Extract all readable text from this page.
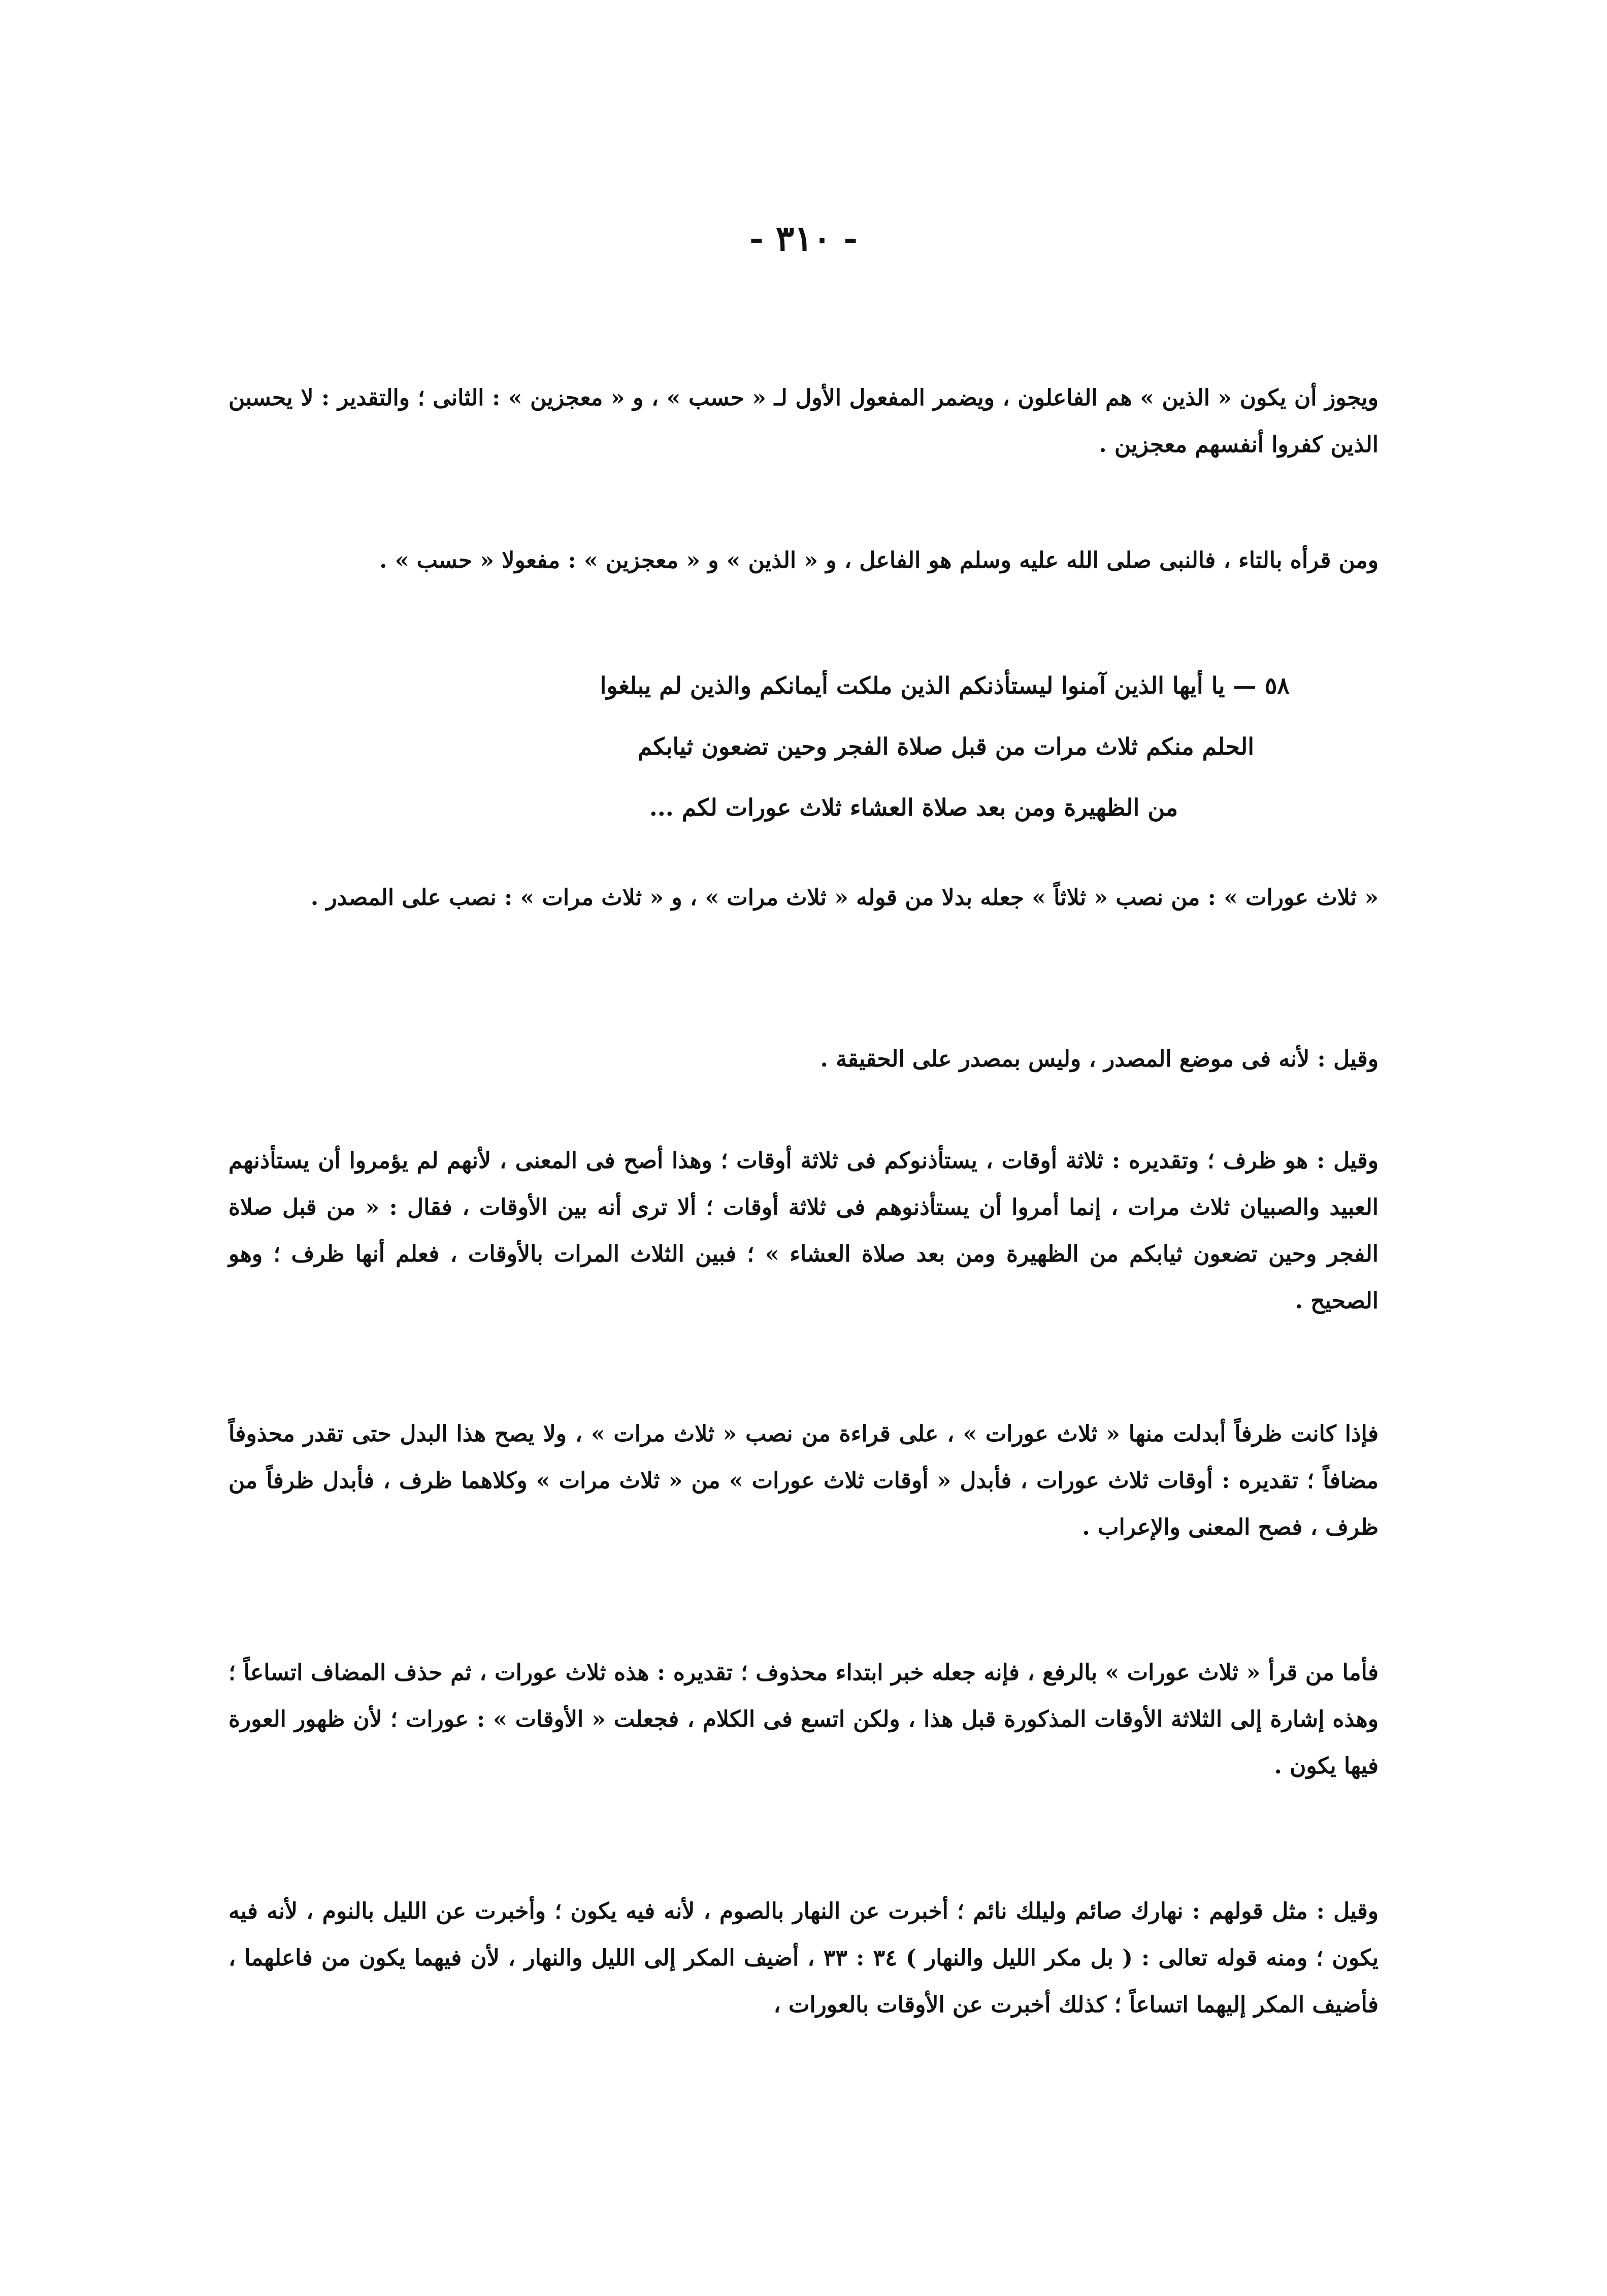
- ٣١٠ -
ويجوز أن يكون « الذين » هم الفاعلون ، ويضمر المفعول الأول لـ « حسب » ، و « معجزين » : الثانى ؛ والتقدير : لا يحسبن الذين كفروا أنفسهم معجزين .
ومن قرأه بالتاء ، فالنبى صلى الله عليه وسلم هو الفاعل ، و « الذين » و « معجزين » : مفعولا « حسب » .
٥٨ — يا أيها الذين آمنوا ليستأذنكم الذين ملكت أيمانكم والذين لم يبلغوا
الحلم منكم ثلاث مرات من قبل صلاة الفجر وحين تضعون ثيابكم
من الظهيرة ومن بعد صلاة العشاء ثلاث عورات لكم ...
« ثلاث عورات » : من نصب « ثلاثاً » جعله بدلا من قوله « ثلاث مرات » ، و « ثلاث مرات » : نصب على المصدر .
وقيل : لأنه فى موضع المصدر ، وليس بمصدر على الحقيقة .
وقيل : هو ظرف ؛ وتقديره : ثلاثة أوقات ، يستأذنوكم فى ثلاثة أوقات ؛ وهذا أصح فى المعنى ، لأنهم لم يؤمروا أن يستأذنهم العبيد والصبيان ثلاث مرات ، إنما أمروا أن يستأذنوهم فى ثلاثة أوقات ؛ ألا ترى أنه بين الأوقات ، فقال : « من قبل صلاة الفجر وحين تضعون ثيابكم من الظهيرة ومن بعد صلاة العشاء » ؛ فبين الثلاث المرات بالأوقات ، فعلم أنها ظرف ؛ وهو الصحيح .
فإذا كانت ظرفاً أبدلت منها « ثلاث عورات » ، على قراءة من نصب « ثلاث مرات » ، ولا يصح هذا البدل حتى تقدر محذوفاً مضافاً ؛ تقديره : أوقات ثلاث عورات ، فأبدل « أوقات ثلاث عورات » من « ثلاث مرات » وكلاهما ظرف ، فأبدل ظرفاً من ظرف ، فصح المعنى والإعراب .
فأما من قرأ « ثلاث عورات » بالرفع ، فإنه جعله خبر ابتداء محذوف ؛ تقديره : هذه ثلاث عورات ، ثم حذف المضاف اتساعاً ؛ وهذه إشارة إلى الثلاثة الأوقات المذكورة قبل هذا ، ولكن اتسع فى الكلام ، فجعلت « الأوقات » : عورات ؛ لأن ظهور العورة فيها يكون .
وقيل : مثل قولهم : نهارك صائم وليلك نائم ؛ أخبرت عن النهار بالصوم ، لأنه فيه يكون ؛ وأخبرت عن الليل بالنوم ، لأنه فيه يكون ؛ ومنه قوله تعالى : ( بل مكر الليل والنهار ) ٣٤ : ٣٣ ، أضيف المكر إلى الليل والنهار ، لأن فيهما يكون من فاعلهما ، فأضيف المكر إليهما اتساعاً ؛ كذلك أخبرت عن الأوقات بالعورات ،
